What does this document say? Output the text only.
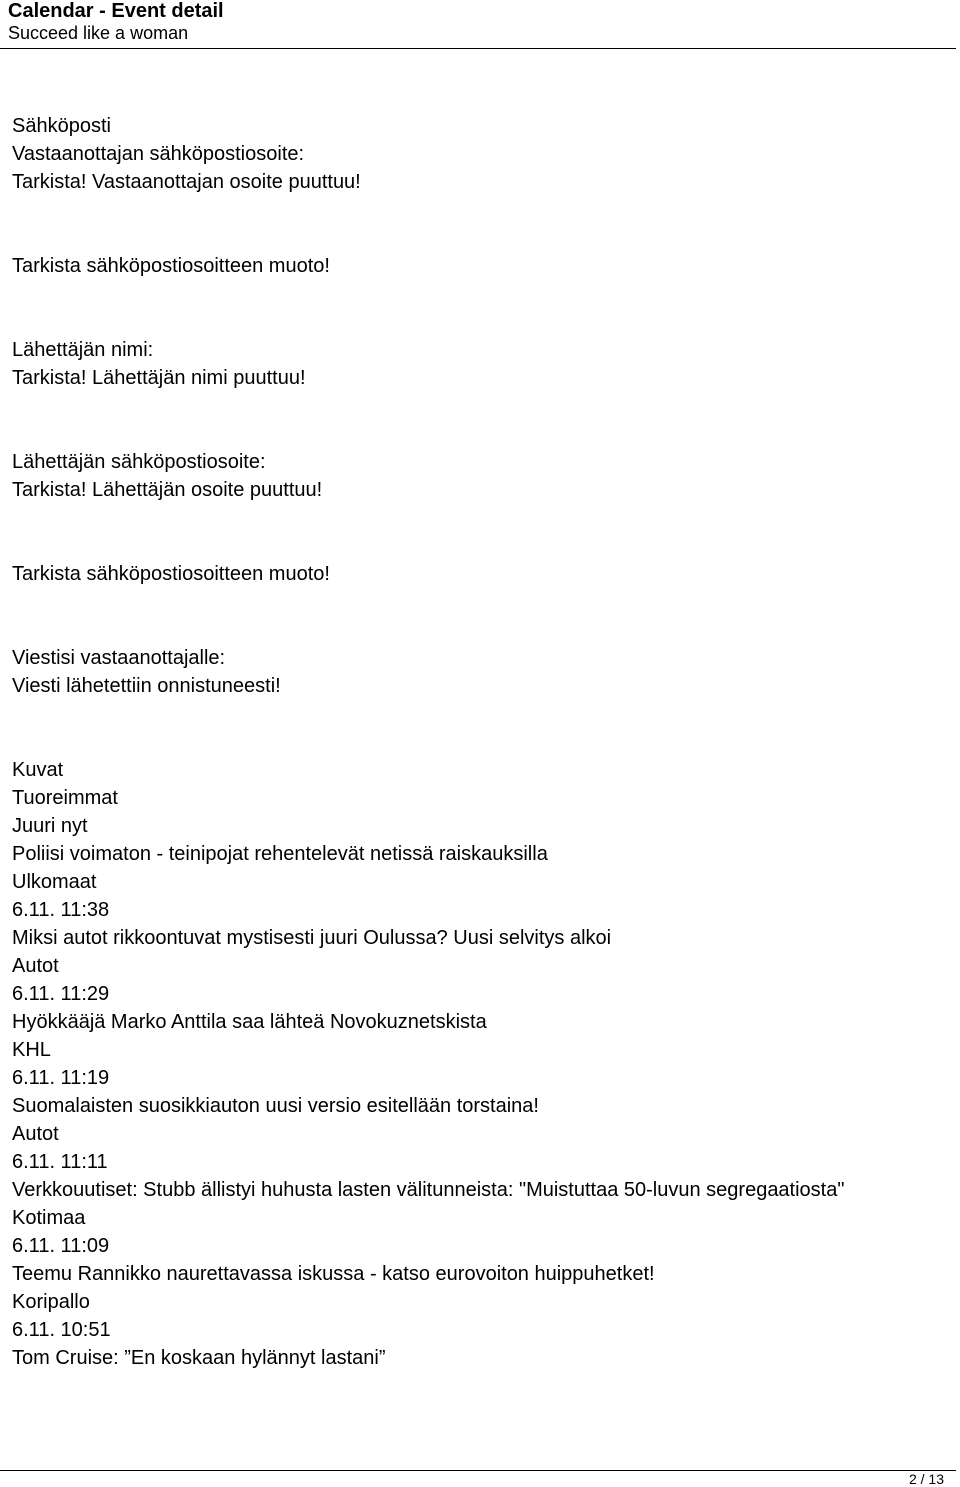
Calendar - Event detail
Succeed like a woman
Sähköposti
Vastaanottajan sähköpostiosoite:
Tarkista! Vastaanottajan osoite puuttuu!
Tarkista sähköpostiosoitteen muoto!
Lähettäjän nimi:
Tarkista! Lähettäjän nimi puuttuu!
Lähettäjän sähköpostiosoite:
Tarkista! Lähettäjän osoite puuttuu!
Tarkista sähköpostiosoitteen muoto!
Viestisi vastaanottajalle:
Viesti lähetettiin onnistuneesti!
Kuvat
Tuoreimmat
Juuri nyt
Poliisi voimaton - teinipojat rehentelevät netissä raiskauksilla
Ulkomaat
6.11. 11:38
Miksi autot rikkoontuvat mystisesti juuri Oulussa? Uusi selvitys alkoi
Autot
6.11. 11:29
Hyökkääjä Marko Anttila saa lähteä Novokuznetskista
KHL
6.11. 11:19
Suomalaisten suosikkiauton uusi versio esitellään torstaina!
Autot
6.11. 11:11
Verkkouutiset: Stubb ällistyi huhusta lasten välitunneista: "Muistuttaa 50-luvun segregaatiosta"
Kotimaa
6.11. 11:09
Teemu Rannikko naurettavassa iskussa - katso eurovoiton huippuhetket!
Koripallo
6.11. 10:51
Tom Cruise: ”En koskaan hylännyt lastani”
2 / 13
